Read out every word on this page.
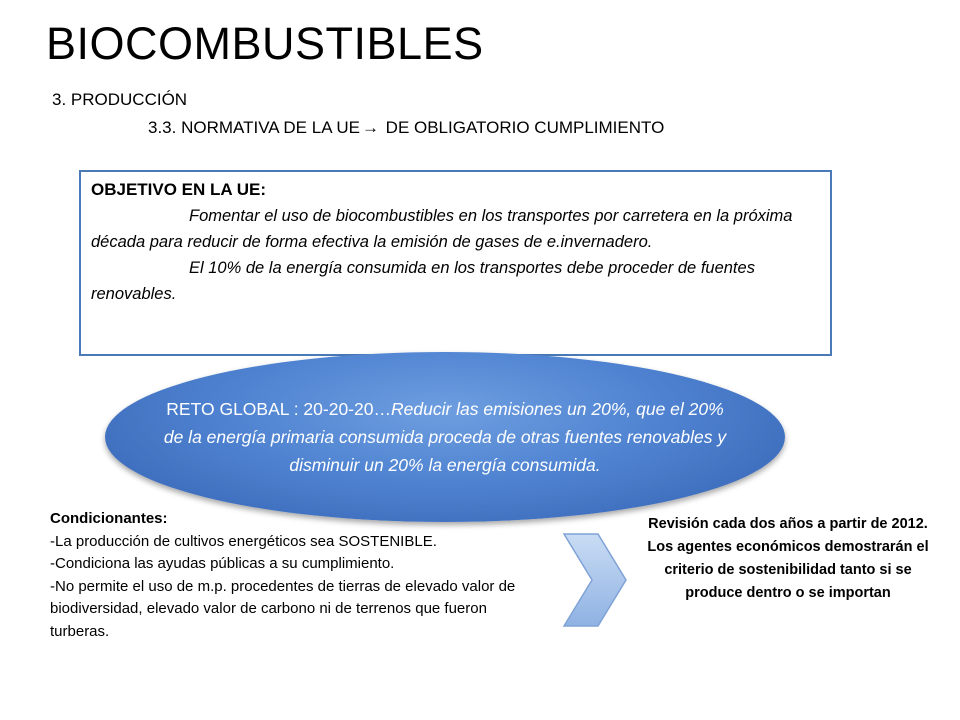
BIOCOMBUSTIBLES
3. PRODUCCIÓN
3.3. NORMATIVA DE LA UE → DE OBLIGATORIO CUMPLIMIENTO
OBJETIVO EN LA UE:

Fomentar el uso de biocombustibles en los transportes por carretera en la próxima década para reducir de forma efectiva la emisión de gases de e.invernadero.

El 10% de la energía consumida en los transportes debe proceder de fuentes renovables.

RETO GLOBAL : 20-20-20…Reducir las emisiones un 20%, que el 20% de la energía primaria consumida proceda de otras fuentes renovables y disminuir un 20% la energía consumida.
Condicionantes:
-La producción de cultivos energéticos sea SOSTENIBLE.
-Condiciona las ayudas públicas a su cumplimiento.
-No permite el uso de m.p. procedentes de tierras de elevado valor de biodiversidad, elevado valor de carbono ni de terrenos que fueron turberas.
Revisión cada dos años a partir de 2012.
Los agentes económicos demostrarán el criterio de sostenibilidad tanto si se produce dentro o se importan
